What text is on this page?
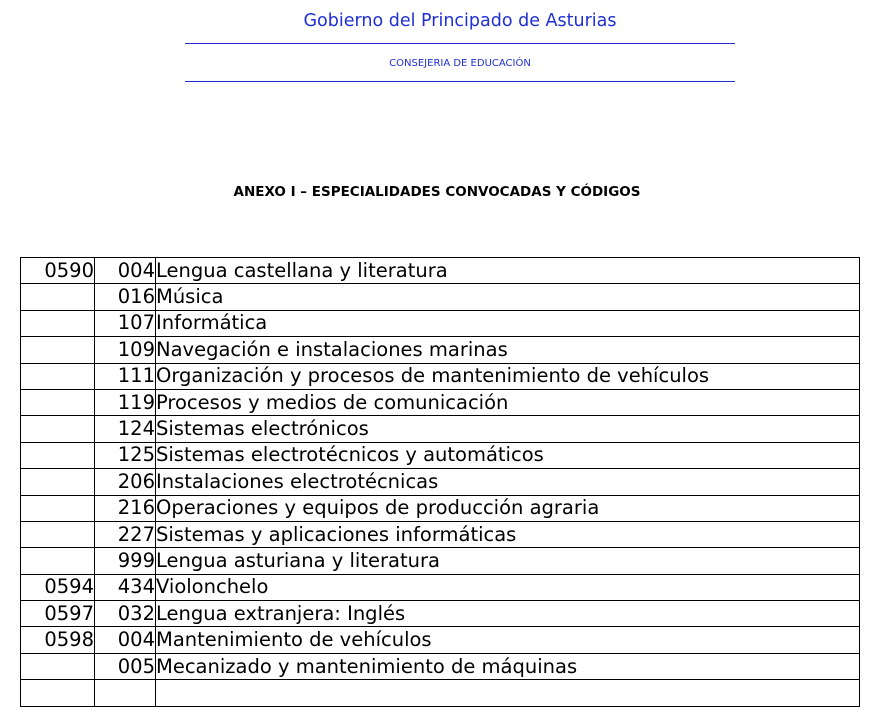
Gobierno del Principado de Asturias
CONSEJERIA DE EDUCACIÓN
ANEXO I – ESPECIALIDADES CONVOCADAS Y CÓDIGOS
0590	004	Lengua castellana y literatura
	016	Música
	107	Informática
	109	Navegación e instalaciones marinas
	111	Organización y procesos de mantenimiento de vehículos
	119	Procesos y medios de comunicación
	124	Sistemas electrónicos
	125	Sistemas electrotécnicos y automáticos
	206	Instalaciones electrotécnicas
	216	Operaciones y equipos de producción agraria
	227	Sistemas y aplicaciones informáticas
	999	Lengua asturiana y literatura
0594	434	Violonchelo
0597	032	Lengua extranjera: Inglés
0598	004	Mantenimiento de vehículos
	005	Mecanizado y mantenimiento de máquinas
